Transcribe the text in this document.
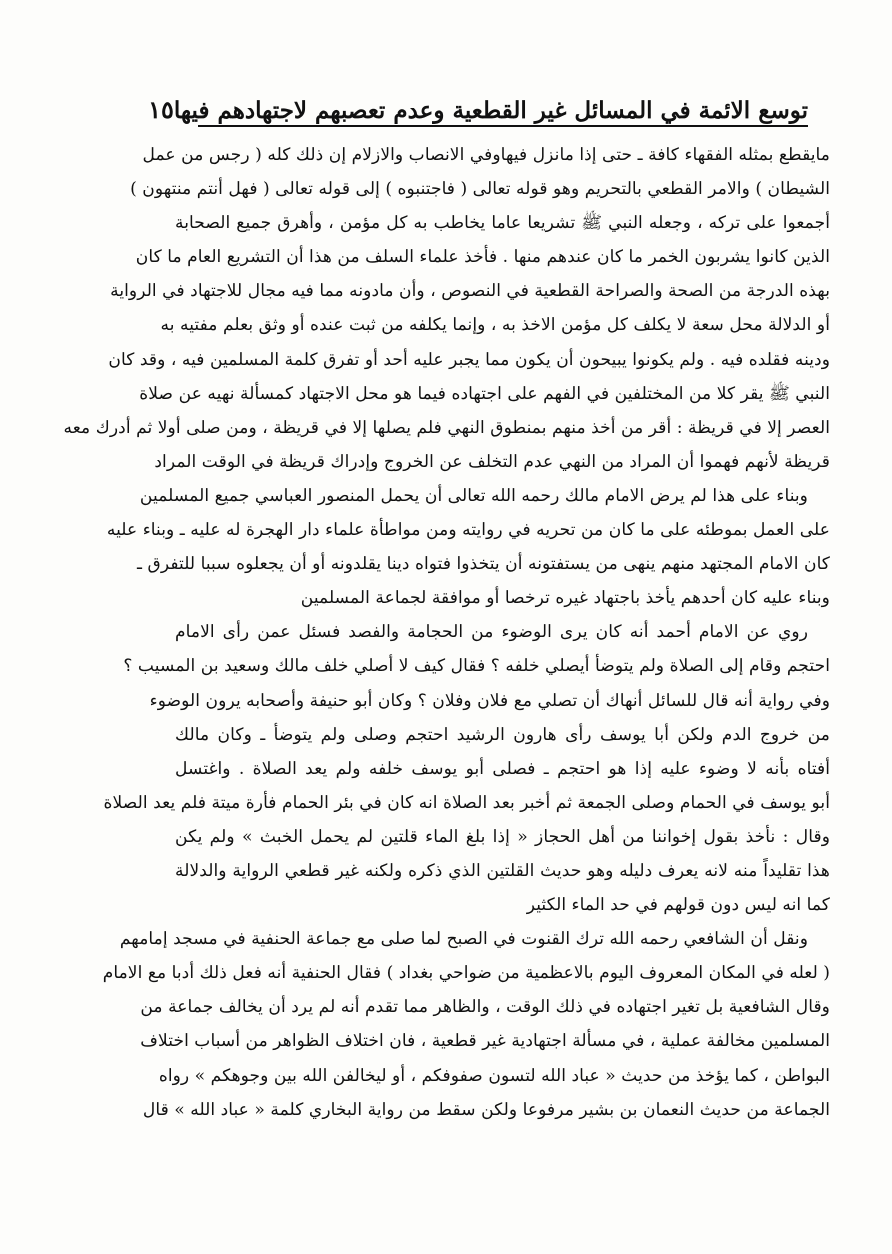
توسع الائمة في المسائل غير القطعية وعدم تعصبهم لاجتهادهم فيها
١٥
مايقطع بمثله الفقهاء كافة ـ حتى إذا مانزل فيهاوفي الانصاب والازلام إن ذلك كله ( رجس من عمل
الشيطان ) والامر القطعي بالتحريم وهو قوله تعالى ( فاجتنبوه ) إلى قوله تعالى ( فهل أنتم منتهون )
أجمعوا على تركه ، وجعله النبي ﷺ تشريعا عاما يخاطب به كل مؤمن ، وأهرق جميع الصحابة
الذين كانوا يشربون الخمر ما كان عندهم منها . فأخذ علماء السلف من هذا أن التشريع العام ما كان
بهذه الدرجة من الصحة والصراحة القطعية في النصوص ، وأن مادونه مما فيه مجال للاجتهاد في الرواية
أو الدلالة محل سعة لا يكلف كل مؤمن الاخذ به ، وإنما يكلفه من ثبت عنده أو وثق بعلم مفتيه به
ودينه فقلده فيه . ولم يكونوا يبيحون أن يكون مما يجبر عليه أحد أو تفرق كلمة المسلمين فيه ، وقد كان
النبي ﷺ يقر كلا من المختلفين في الفهم على اجتهاده فيما هو محل الاجتهاد كمسألة نهيه عن صلاة
العصر إلا في قريظة : أقر من أخذ منهم بمنطوق النهي فلم يصلها إلا في قريظة ، ومن صلى أولا ثم أدرك معه
قريظة لأنهم فهموا أن المراد من النهي عدم التخلف عن الخروج وإدراك قريظة في الوقت المراد
وبناء على هذا لم يرض الامام مالك رحمه الله تعالى أن يحمل المنصور العباسي جميع المسلمين
على العمل بموطئه على ما كان من تحريه في روايته ومن مواطأة علماء دار الهجرة له عليه ـ وبناء عليه
كان الامام المجتهد منهم ينهى من يستفتونه أن يتخذوا فتواه دينا يقلدونه أو أن يجعلوه سببا للتفرق ـ
وبناء عليه كان أحدهم يأخذ باجتهاد غيره ترخصا أو موافقة لجماعة المسلمين
روي عن الامام أحمد أنه كان يرى الوضوء من الحجامة والفصد فسئل عمن رأى الامام
احتجم وقام إلى الصلاة ولم يتوضأ أيصلي خلفه ؟ فقال كيف لا أصلي خلف مالك وسعيد بن المسيب ؟
وفي رواية أنه قال للسائل أنهاك أن تصلي مع فلان وفلان ؟ وكان أبو حنيفة وأصحابه يرون الوضوء
من خروج الدم ولكن أبا يوسف رأى هارون الرشيد احتجم وصلى ولم يتوضأ ـ وكان مالك
أفتاه بأنه لا وضوء عليه إذا هو احتجم ـ فصلى أبو يوسف خلفه ولم يعد الصلاة . واغتسل
أبو يوسف في الحمام وصلى الجمعة ثم أخبر بعد الصلاة انه كان في بئر الحمام فأرة ميتة فلم يعد الصلاة
وقال : نأخذ بقول إخواننا من أهل الحجاز « إذا بلغ الماء قلتين لم يحمل الخبث » ولم يكن
هذا تقليداً منه لانه يعرف دليله وهو حديث القلتين الذي ذكره ولكنه غير قطعي الرواية والدلالة
كما انه ليس دون قولهم في حد الماء الكثير
ونقل أن الشافعي رحمه الله ترك القنوت في الصبح لما صلى مع جماعة الحنفية في مسجد إمامهم
( لعله في المكان المعروف اليوم بالاعظمية من ضواحي بغداد ) فقال الحنفية أنه فعل ذلك أدبا مع الامام
وقال الشافعية بل تغير اجتهاده في ذلك الوقت ، والظاهر مما تقدم أنه لم يرد أن يخالف جماعة من
المسلمين مخالفة عملية ، في مسألة اجتهادية غير قطعية ، فان اختلاف الظواهر من أسباب اختلاف
البواطن ، كما يؤخذ من حديث « عباد الله لتسون صفوفكم ، أو ليخالفن الله بين وجوهكم » رواه
الجماعة من حديث النعمان بن بشير مرفوعا ولكن سقط من رواية البخاري كلمة « عباد الله » قال
